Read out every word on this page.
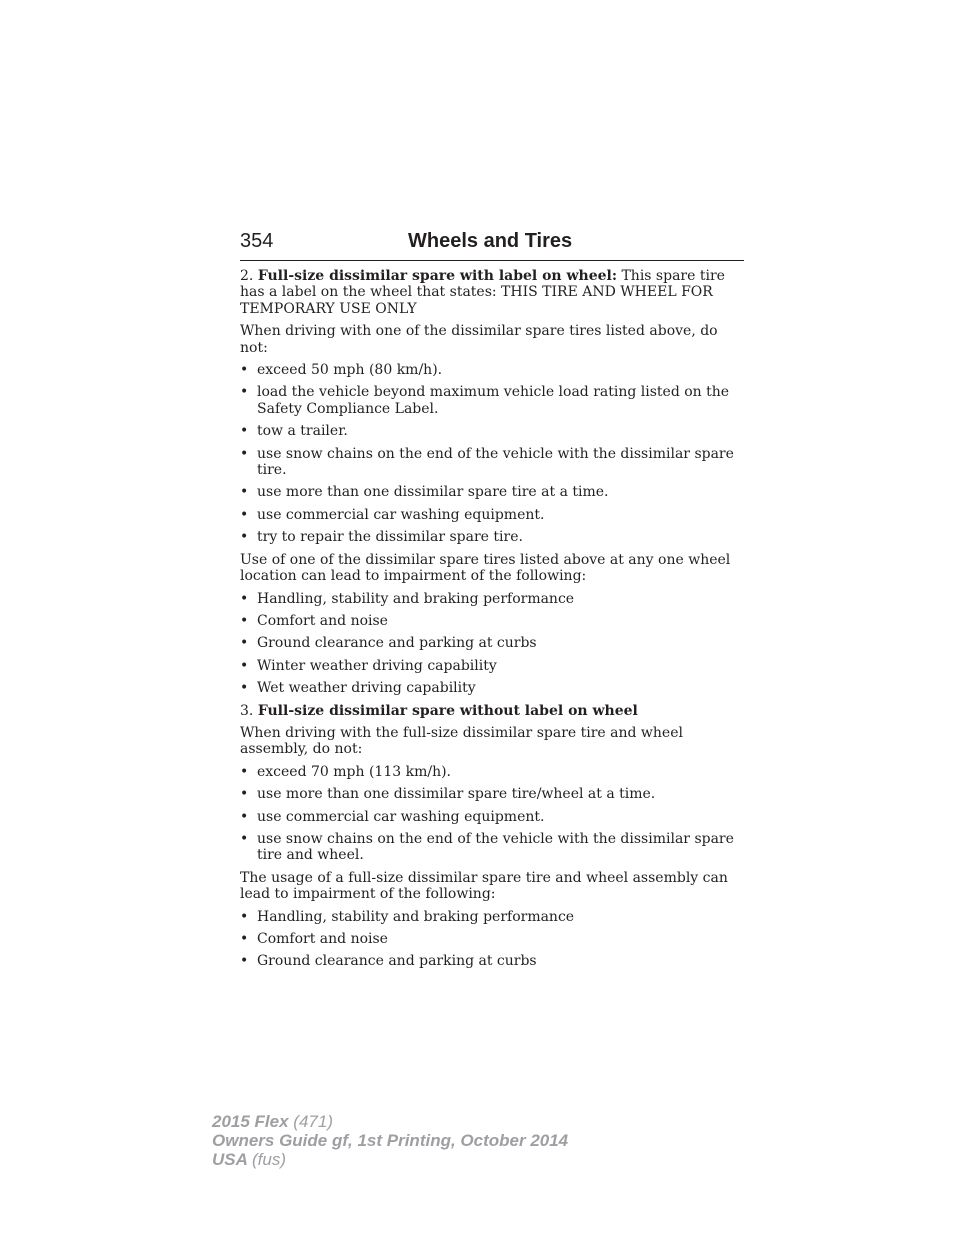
354	Wheels and Tires

2. Full-size dissimilar spare with label on wheel: This spare tire has a label on the wheel that states: THIS TIRE AND WHEEL FOR TEMPORARY USE ONLY

When driving with one of the dissimilar spare tires listed above, do not:

• exceed 50 mph (80 km/h).
• load the vehicle beyond maximum vehicle load rating listed on the Safety Compliance Label.
• tow a trailer.
• use snow chains on the end of the vehicle with the dissimilar spare tire.
• use more than one dissimilar spare tire at a time.
• use commercial car washing equipment.
• try to repair the dissimilar spare tire.

Use of one of the dissimilar spare tires listed above at any one wheel location can lead to impairment of the following:

• Handling, stability and braking performance
• Comfort and noise
• Ground clearance and parking at curbs
• Winter weather driving capability
• Wet weather driving capability

3. Full-size dissimilar spare without label on wheel

When driving with the full-size dissimilar spare tire and wheel assembly, do not:

• exceed 70 mph (113 km/h).
• use more than one dissimilar spare tire/wheel at a time.
• use commercial car washing equipment.
• use snow chains on the end of the vehicle with the dissimilar spare tire and wheel.

The usage of a full-size dissimilar spare tire and wheel assembly can lead to impairment of the following:

• Handling, stability and braking performance
• Comfort and noise
• Ground clearance and parking at curbs
2015 Flex (471)
Owners Guide gf, 1st Printing, October 2014
USA (fus)
